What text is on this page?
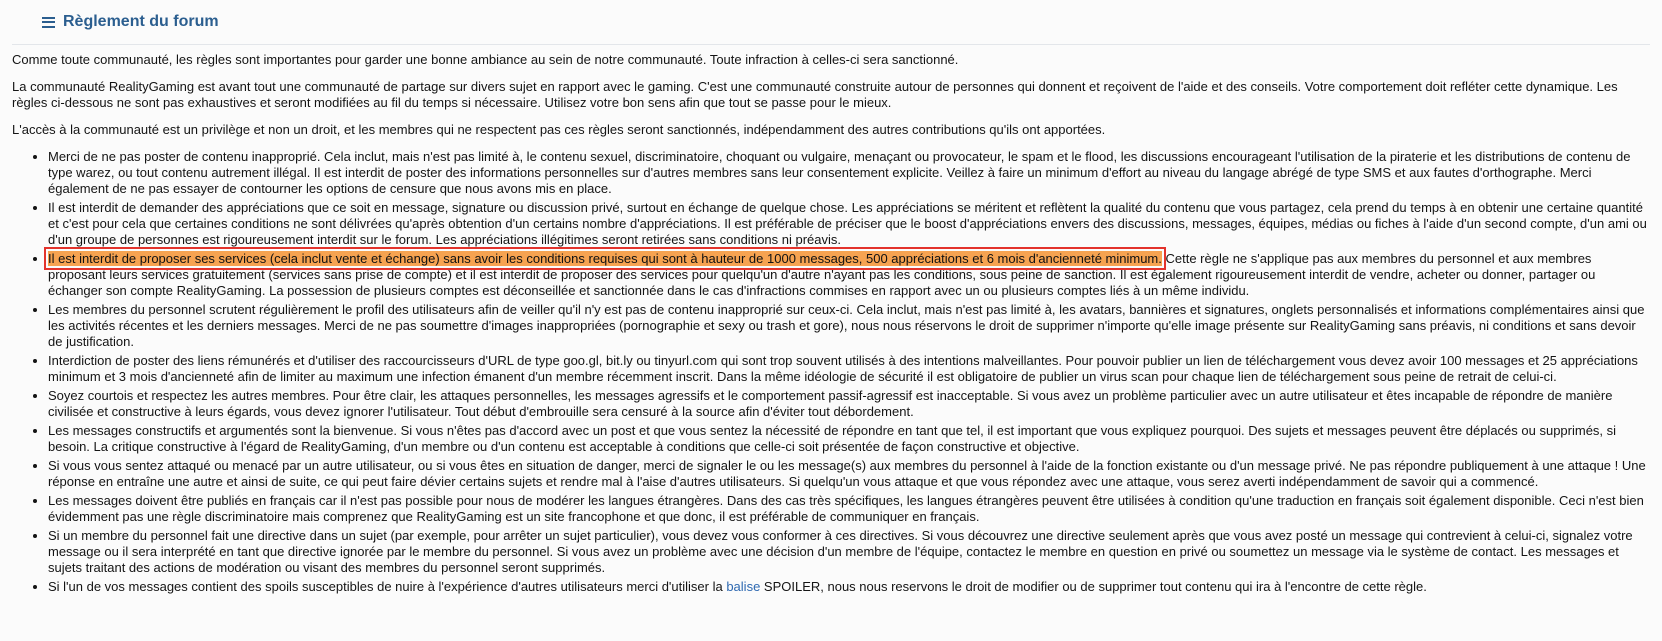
Règlement du forum

Comme toute communauté, les règles sont importantes pour garder une bonne ambiance au sein de notre communauté. Toute infraction à celles-ci sera sanctionné.

La communauté RealityGaming est avant tout une communauté de partage sur divers sujet en rapport avec le gaming. C'est une communauté construite autour de personnes qui donnent et reçoivent de l'aide et des conseils. Votre comportement doit refléter cette dynamique. Les règles ci-dessous ne sont pas exhaustives et seront modifiées au fil du temps si nécessaire. Utilisez votre bon sens afin que tout se passe pour le mieux.

L'accès à la communauté est un privilège et non un droit, et les membres qui ne respectent pas ces règles seront sanctionnés, indépendamment des autres contributions qu'ils ont apportées.

• Merci de ne pas poster de contenu inapproprié. Cela inclut, mais n'est pas limité à, le contenu sexuel, discriminatoire, choquant ou vulgaire, menaçant ou provocateur, le spam et le flood, les discussions encourageant l'utilisation de la piraterie et les distributions de contenu de type warez, ou tout contenu autrement illégal. Il est interdit de poster des informations personnelles sur d'autres membres sans leur consentement explicite. Veillez à faire un minimum d'effort au niveau du langage abrégé de type SMS et aux fautes d'orthographe. Merci également de ne pas essayer de contourner les options de censure que nous avons mis en place.
• Il est interdit de demander des appréciations que ce soit en message, signature ou discussion privé, surtout en échange de quelque chose. Les appréciations se méritent et reflètent la qualité du contenu que vous partagez, cela prend du temps à en obtenir une certaine quantité et c'est pour cela que certaines conditions ne sont délivrées qu'après obtention d'un certains nombre d'appréciations. Il est préférable de préciser que le boost d'appréciations envers des discussions, messages, équipes, médias ou fiches à l'aide d'un second compte, d'un ami ou d'un groupe de personnes est rigoureusement interdit sur le forum. Les appréciations illégitimes seront retirées sans conditions ni préavis.
• Il est interdit de proposer ses services (cela inclut vente et échange) sans avoir les conditions requises qui sont à hauteur de 1000 messages, 500 appréciations et 6 mois d'ancienneté minimum. Cette règle ne s'applique pas aux membres du personnel et aux membres proposant leurs services gratuitement (services sans prise de compte) et il est interdit de proposer des services pour quelqu'un d'autre n'ayant pas les conditions, sous peine de sanction. Il est également rigoureusement interdit de vendre, acheter ou donner, partager ou échanger son compte RealityGaming. La possession de plusieurs comptes est déconseillée et sanctionnée dans le cas d'infractions commises en rapport avec un ou plusieurs comptes liés à un même individu.
• Les membres du personnel scrutent régulièrement le profil des utilisateurs afin de veiller qu'il n'y est pas de contenu inapproprié sur ceux-ci. Cela inclut, mais n'est pas limité à, les avatars, bannières et signatures, onglets personnalisés et informations complémentaires ainsi que les activités récentes et les derniers messages. Merci de ne pas soumettre d'images inappropriées (pornographie et sexy ou trash et gore), nous nous réservons le droit de supprimer n'importe qu'elle image présente sur RealityGaming sans préavis, ni conditions et sans devoir de justification.
• Interdiction de poster des liens rémunérés et d'utiliser des raccourcisseurs d'URL de type goo.gl, bit.ly ou tinyurl.com qui sont trop souvent utilisés à des intentions malveillantes. Pour pouvoir publier un lien de téléchargement vous devez avoir 100 messages et 25 appréciations minimum et 3 mois d'ancienneté afin de limiter au maximum une infection émanent d'un membre récemment inscrit. Dans la même idéologie de sécurité il est obligatoire de publier un virus scan pour chaque lien de téléchargement sous peine de retrait de celui-ci.
• Soyez courtois et respectez les autres membres. Pour être clair, les attaques personnelles, les messages agressifs et le comportement passif-agressif est inacceptable. Si vous avez un problème particulier avec un autre utilisateur et êtes incapable de répondre de manière civilisée et constructive à leurs égards, vous devez ignorer l'utilisateur. Tout début d'embrouille sera censuré à la source afin d'éviter tout débordement.
• Les messages constructifs et argumentés sont la bienvenue. Si vous n'êtes pas d'accord avec un post et que vous sentez la nécessité de répondre en tant que tel, il est important que vous expliquez pourquoi. Des sujets et messages peuvent être déplacés ou supprimés, si besoin. La critique constructive à l'égard de RealityGaming, d'un membre ou d'un contenu est acceptable à conditions que celle-ci soit présentée de façon constructive et objective.
• Si vous vous sentez attaqué ou menacé par un autre utilisateur, ou si vous êtes en situation de danger, merci de signaler le ou les message(s) aux membres du personnel à l'aide de la fonction existante ou d'un message privé. Ne pas répondre publiquement à une attaque ! Une réponse en entraîne une autre et ainsi de suite, ce qui peut faire dévier certains sujets et rendre mal à l'aise d'autres utilisateurs. Si quelqu'un vous attaque et que vous répondez avec une attaque, vous serez averti indépendamment de savoir qui a commencé.
• Les messages doivent être publiés en français car il n'est pas possible pour nous de modérer les langues étrangères. Dans des cas très spécifiques, les langues étrangères peuvent être utilisées à condition qu'une traduction en français soit également disponible. Ceci n'est bien évidemment pas une règle discriminatoire mais comprenez que RealityGaming est un site francophone et que donc, il est préférable de communiquer en français.
• Si un membre du personnel fait une directive dans un sujet (par exemple, pour arrêter un sujet particulier), vous devez vous conformer à ces directives. Si vous découvrez une directive seulement après que vous avez posté un message qui contrevient à celui-ci, signalez votre message ou il sera interprété en tant que directive ignorée par le membre du personnel. Si vous avez un problème avec une décision d'un membre de l'équipe, contactez le membre en question en privé ou soumettez un message via le système de contact. Les messages et sujets traitant des actions de modération ou visant des membres du personnel seront supprimés.
• Si l'un de vos messages contient des spoils susceptibles de nuire à l'expérience d'autres utilisateurs merci d'utiliser la balise SPOILER, nous nous reservons le droit de modifier ou de supprimer tout contenu qui ira à l'encontre de cette règle.
